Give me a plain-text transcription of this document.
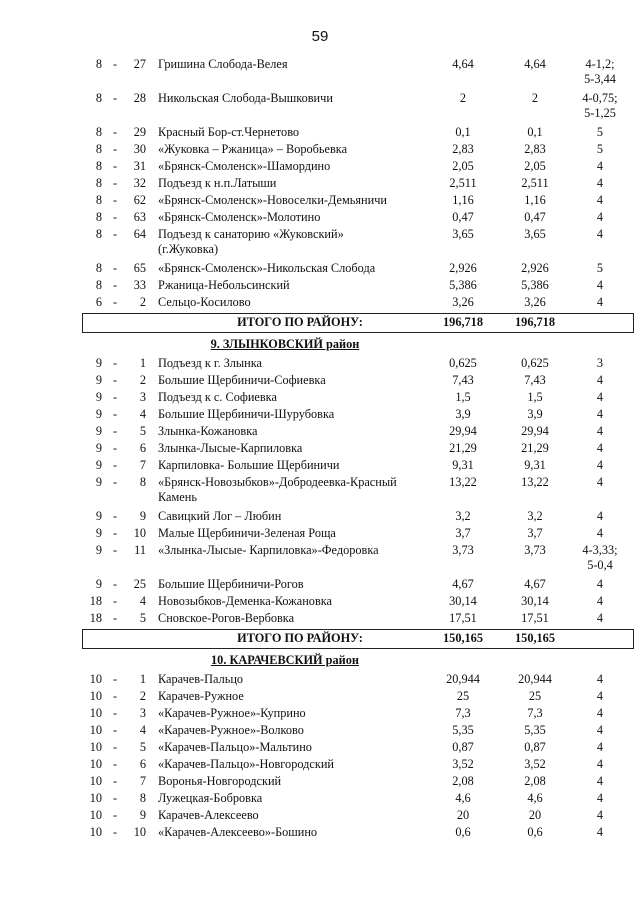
59
8 -	27 Гришина Слобода-Велея	4,64	4,64	4-1,2;
5-3,44
8 -	28 Никольская Слобода-Вышковичи	2	2	4-0,75;
5-1,25
8 -	29 Красный Бор-ст.Чернетово	0,1	0,1	5
8 -	30 «Жуковка – Ржаница» – Воробьевка	2,83	2,83	5
8 -	31 «Брянск-Смоленск»-Шамордино	2,05	2,05	4
8 -	32 Подъезд к н.п.Латыши	2,511	2,511	4
8 -	62 «Брянск-Смоленск»-Новоселки-Демьяничи	1,16	1,16	4
8 -	63 «Брянск-Смоленск»-Молотино	0,47	0,47	4
8 -	64 Подъезд к санаторию «Жуковский»
(г.Жуковка)
3,65	3,65	4
8 -	65 «Брянск-Смоленск»-Никольская Слобода	2,926	2,926	5
8 -	33 Ржаница-Небольсинский	5,386	5,386	4
6 -	2 Сельцо-Косилово	3,26	3,26	4
ИТОГО ПО РАЙОНУ:	196,718	196,718
9. ЗЛЫНКОВСКИЙ район
9 -	1 Подъезд к г. Злынка	0,625	0,625	3
9 -	2 Большие Щербиничи-Софиевка	7,43	7,43	4
9 -	3 Подъезд к с. Софиевка	1,5	1,5	4
9 -	4 Большие Щербиничи-Шурубовка	3,9	3,9	4
9 -	5 Злынка-Кожановка	29,94	29,94	4
9 -	6 Злынка-Лысые-Карпиловка	21,29	21,29	4
9 -	7 Карпиловка- Большие Щербиничи	9,31	9,31	4
9 -	8 «Брянск-Новозыбков»-Добродеевка-Красный
Камень
13,22	13,22	4
9 -	9 Савицкий Лог – Любин	3,2	3,2	4
9 -	10 Малые Щербиничи-Зеленая Роща	3,7	3,7	4
9 -	11 «Злынка-Лысые- Карпиловка»-Федоровка	3,73	3,73	4-3,33;
5-0,4
9 -	25 Большие Щербиничи-Рогов	4,67	4,67	4
18 -	4 Новозыбков-Деменка-Кожановка	30,14	30,14	4
18 -	5 Сновское-Рогов-Вербовка	17,51	17,51	4
ИТОГО ПО РАЙОНУ:	150,165	150,165
10. КАРАЧЕВСКИЙ район
10 -	1 Карачев-Пальцо	20,944	20,944	4
10 -	2 Карачев-Ружное	25	25	4
10 -	3 «Карачев-Ружное»-Куприно	7,3	7,3	4
10 -	4 «Карачев-Ружное»-Волково	5,35	5,35	4
10 -	5 «Карачев-Пальцо»-Мальтино	0,87	0,87	4
10 -	6 «Карачев-Пальцо»-Новгородский	3,52	3,52	4
10 -	7 Воронья-Новгородский	2,08	2,08	4
10 -	8 Лужецкая-Бобровка	4,6	4,6	4
10 -	9 Карачев-Алексеево	20	20	4
10 -	10 «Карачев-Алексеево»-Бошино	0,6	0,6	4
